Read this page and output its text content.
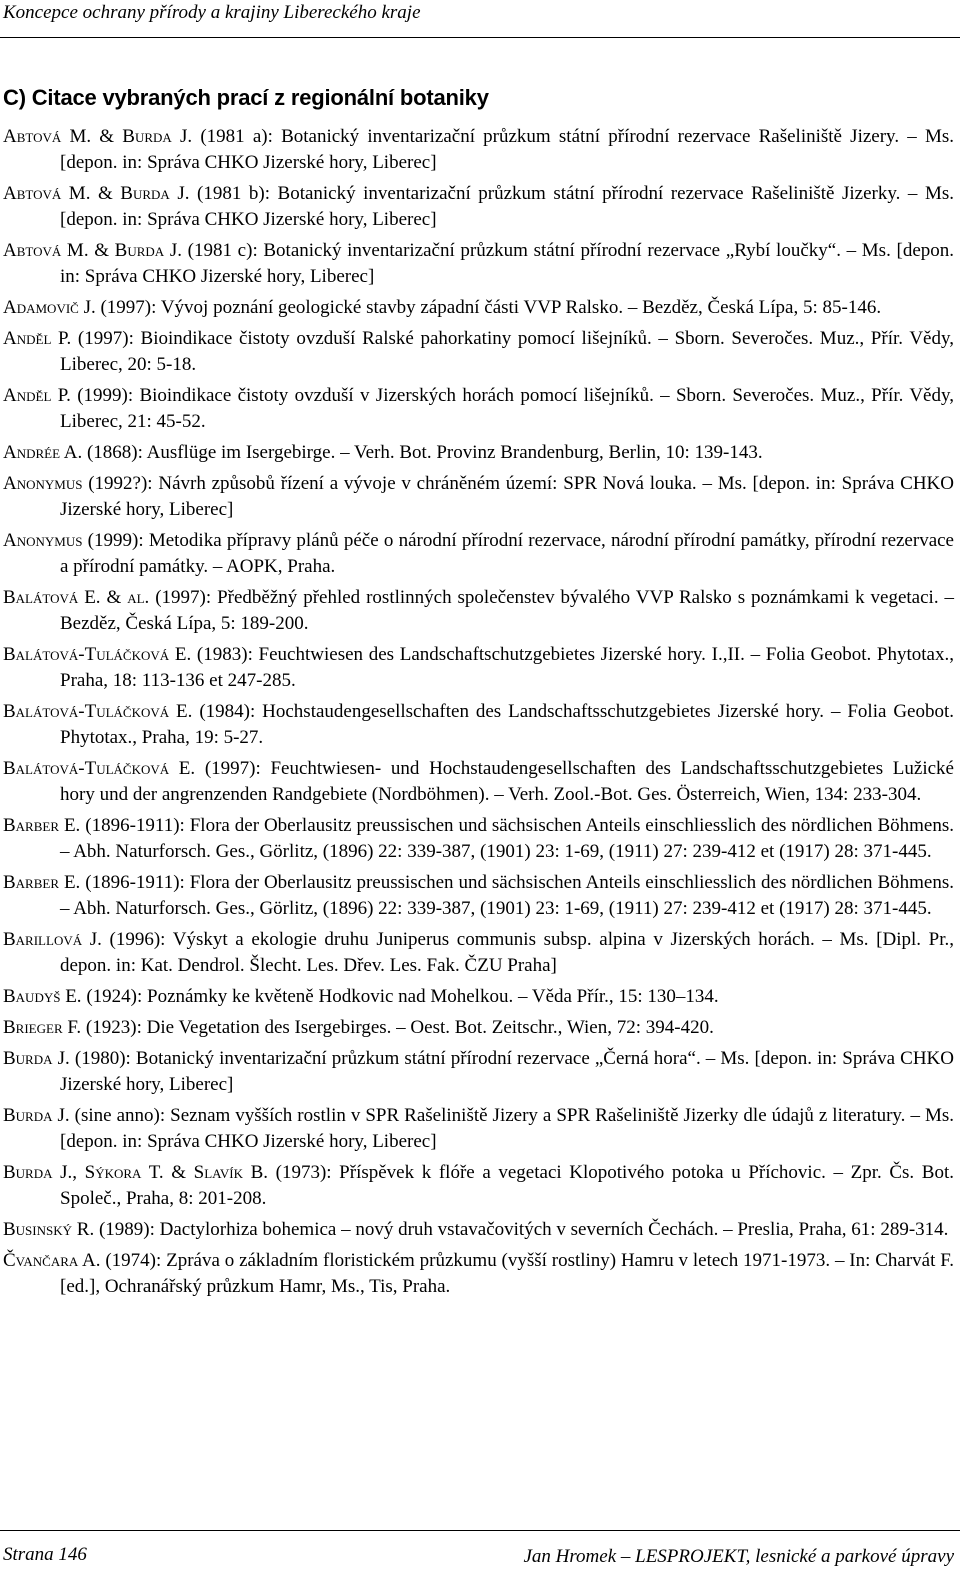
Koncepce ochrany přírody a krajiny Libereckého kraje
C) Citace vybraných prací z regionální botaniky
Abtová M. & Burda J. (1981 a): Botanický inventarizační průzkum státní přírodní rezervace Rašeliniště Jizery. – Ms. [depon. in: Správa CHKO Jizerské hory, Liberec]
Abtová M. & Burda J. (1981 b): Botanický inventarizační průzkum státní přírodní rezervace Rašeliniště Jizerky. – Ms. [depon. in: Správa CHKO Jizerské hory, Liberec]
Abtová M. & Burda J. (1981 c): Botanický inventarizační průzkum státní přírodní rezervace „Rybí loučky“. – Ms. [depon. in: Správa CHKO Jizerské hory, Liberec]
Adamovič J. (1997): Vývoj poznání geologické stavby západní části VVP Ralsko. – Bezděz, Česká Lípa, 5: 85-146.
Anděl P. (1997): Bioindikace čistoty ovzduší Ralské pahorkatiny pomocí lišejníků. – Sborn. Severočes. Muz., Přír. Vědy, Liberec, 20: 5-18.
Anděl P. (1999): Bioindikace čistoty ovzduší v Jizerských horách pomocí lišejníků. – Sborn. Severočes. Muz., Přír. Vědy, Liberec, 21: 45-52.
Andrée A. (1868): Ausflüge im Isergebirge. – Verh. Bot. Provinz Brandenburg, Berlin, 10: 139-143.
Anonymus (1992?): Návrh způsobů řízení a vývoje v chráněném území: SPR Nová louka. – Ms. [depon. in: Správa CHKO Jizerské hory, Liberec]
Anonymus (1999): Metodika přípravy plánů péče o národní přírodní rezervace, národní přírodní památky, přírodní rezervace a přírodní památky. – AOPK, Praha.
Balátová E. & al. (1997): Předběžný přehled rostlinných společenstev bývalého VVP Ralsko s poznámkami k vegetaci. – Bezděz, Česká Lípa, 5: 189-200.
Balátová-Tuláčková E. (1983): Feuchtwiesen des Landschaftschutzgebietes Jizerské hory. I.,II. – Folia Geobot. Phytotax., Praha, 18: 113-136 et 247-285.
Balátová-Tuláčková E. (1984): Hochstaudengesellschaften des Landschaftsschutzgebietes Jizerské hory. – Folia Geobot. Phytotax., Praha, 19: 5-27.
Balátová-Tuláčková E. (1997): Feuchtwiesen- und Hochstaudengesellschaften des Landschaftsschutzgebietes Lužické hory und der angrenzenden Randgebiete (Nordböhmen). – Verh. Zool.-Bot. Ges. Österreich, Wien, 134: 233-304.
Barber E. (1896-1911): Flora der Oberlausitz preussischen und sächsischen Anteils einschliesslich des nördlichen Böhmens. – Abh. Naturforsch. Ges., Görlitz, (1896) 22: 339-387, (1901) 23: 1-69, (1911) 27: 239-412 et (1917) 28: 371-445.
Barber E. (1896-1911): Flora der Oberlausitz preussischen und sächsischen Anteils einschliesslich des nördlichen Böhmens. – Abh. Naturforsch. Ges., Görlitz, (1896) 22: 339-387, (1901) 23: 1-69, (1911) 27: 239-412 et (1917) 28: 371-445.
Barillová J. (1996): Výskyt a ekologie druhu Juniperus communis subsp. alpina v Jizerských horách. – Ms. [Dipl. Pr., depon. in: Kat. Dendrol. Šlecht. Les. Dřev. Les. Fak. ČZU Praha]
Baudyš E. (1924): Poznámky ke květeně Hodkovic nad Mohelkou. – Věda Přír., 15: 130–134.
Brieger F. (1923): Die Vegetation des Isergebirges. – Oest. Bot. Zeitschr., Wien, 72: 394-420.
Burda J. (1980): Botanický inventarizační průzkum státní přírodní rezervace „Černá hora“. – Ms. [depon. in: Správa CHKO Jizerské hory, Liberec]
Burda J. (sine anno): Seznam vyšších rostlin v SPR Rašeliniště Jizery a SPR Rašeliniště Jizerky dle údajů z literatury. – Ms. [depon. in: Správa CHKO Jizerské hory, Liberec]
Burda J., Sýkora T. & Slavík B. (1973): Příspěvek k flóře a vegetaci Klopotivého potoka u Příchovic. – Zpr. Čs. Bot. Společ., Praha, 8: 201-208.
Businský R. (1989): Dactylorhiza bohemica – nový druh vstavačovitých v severních Čechách. – Preslia, Praha, 61: 289-314.
Čvančara A. (1974): Zpráva o základním floristickém průzkumu (vyšší rostliny) Hamru v letech 1971-1973. – In: Charvát F. [ed.], Ochranářský průzkum Hamr, Ms., Tis, Praha.
Strana 146	Jan Hromek – LESPROJEKT, lesnické a parkové úpravy
